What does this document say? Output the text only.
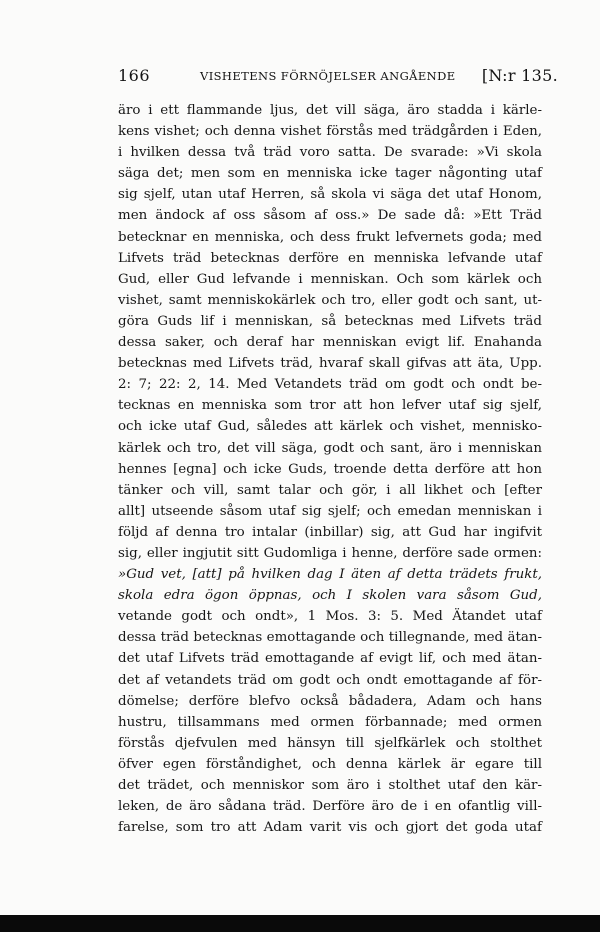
166	VISHETENS FÖRNÖJELSER ANGÅENDE [N:r 135.
äro i ett flammande ljus, det vill säga, äro stadda i kärle-
kens vishet; och denna vishet förstås med trädgården i Eden,
i hvilken dessa två träd voro satta. De svarade: »Vi skola
säga det; men som en menniska icke tager någonting utaf
sig sjelf, utan utaf Herren, så skola vi säga det utaf Honom,
men ändock af oss såsom af oss.» De sade då: »Ett Träd
betecknar en menniska, och dess frukt lefvernets goda; med
Lifvets träd betecknas derföre en menniska lefvande utaf
Gud, eller Gud lefvande i menniskan. Och som kärlek och
vishet, samt menniskokärlek och tro, eller godt och sant, ut-
göra Guds lif i menniskan, så betecknas med Lifvets träd
dessa saker, och deraf har menniskan evigt lif. Enahanda
betecknas med Lifvets träd, hvaraf skall gifvas att äta, Upp.
2: 7; 22: 2, 14. Med Vetandets träd om godt och ondt be-
tecknas en menniska som tror att hon lefver utaf sig sjelf,
och icke utaf Gud, således att kärlek och vishet, mennisko-
kärlek och tro, det vill säga, godt och sant, äro i menniskan
hennes [egna] och icke Guds, troende detta derföre att hon
tänker och vill, samt talar och gör, i all likhet och [efter
allt] utseende såsom utaf sig sjelf; och emedan menniskan i
följd af denna tro intalar (inbillar) sig, att Gud har ingifvit
sig, eller ingjutit sitt Gudomliga i henne, derföre sade ormen:
»Gud vet, [att] på hvilken dag I äten af detta trädets frukt,
skola edra ögon öppnas, och I skolen vara såsom Gud,
vetande godt och ondt», 1 Mos. 3: 5. Med Ätandet utaf
dessa träd betecknas emottagande och tillegnande, med ätan-
det utaf Lifvets träd emottagande af evigt lif, och med ätan-
det af vetandets träd om godt och ondt emottagande af för-
dömelse; derföre blefvo också bådadera, Adam och hans
hustru, tillsammans med ormen förbannade; med ormen
förstås djefvulen med hänsyn till sjelfkärlek och stolthet
öfver egen förståndighet, och denna kärlek är egare till
det trädet, och menniskor som äro i stolthet utaf den kär-
leken, de äro sådana träd. Derföre äro de i en ofantlig vill-
farelse, som tro att Adam varit vis och gjort det goda utaf
